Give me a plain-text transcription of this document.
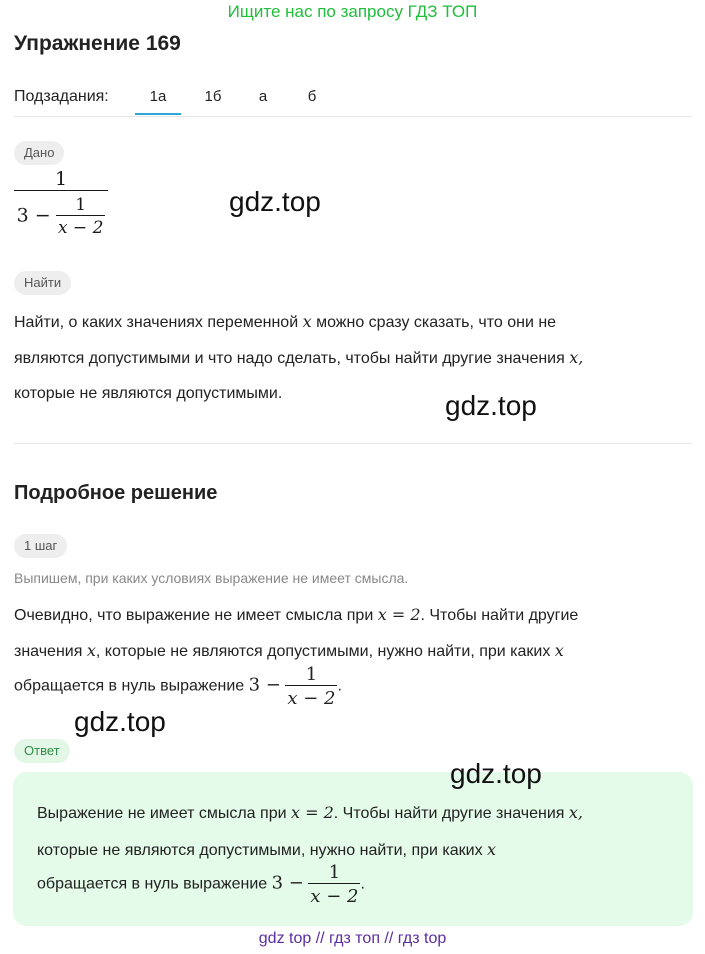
Ищите нас по запросу ГДЗ ТОП
Упражнение 169
Подзадания:	1а	1б	а	б
Дано
$\frac{1}{3 - \frac{1}{x - 2}}$
Найти
Найти, о каких значениях переменной x можно сразу сказать, что они не
являются допустимыми и что надо сделать, чтобы найти другие значения x,
которые не являются допустимыми.
Подробное решение
1 шаг
Выпишем, при каких условиях выражение не имеет смысла.
Очевидно, что выражение не имеет смысла при x = 2. Чтобы найти другие
значения x, которые не являются допустимыми, нужно найти, при каких x
обращается в нуль выражение $3 - \frac{1}{x - 2}$ .
Ответ
Выражение не имеет смысла при x = 2. Чтобы найти другие значения x,
которые не являются допустимыми, нужно найти, при каких x
обращается в нуль выражение $3 - \frac{1}{x - 2}$ .
gdz.top
gdz.top
gdz.top
gdz.top
gdz top // гдз топ // гдз top
